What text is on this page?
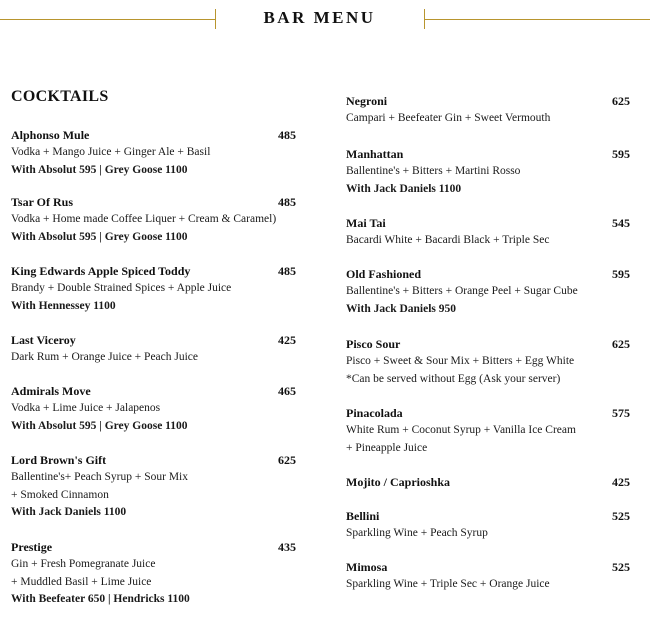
BAR MENU
COCKTAILS
Alphonso Mule	485
Vodka + Mango Juice + Ginger Ale + Basil
With Absolut 595 | Grey Goose 1100
Tsar Of Rus	485
Vodka + Home made Coffee Liquer + Cream & Caramel)
With Absolut 595 | Grey Goose 1100
King Edwards Apple Spiced Toddy	485
Brandy + Double Strained Spices + Apple Juice
With Hennessey 1100
Last Viceroy	425
Dark Rum + Orange Juice + Peach Juice
Admirals Move	465
Vodka + Lime Juice + Jalapenos
With Absolut 595 | Grey Goose 1100
Lord Brown's Gift	625
Ballentine's+ Peach Syrup + Sour Mix
+ Smoked Cinnamon
With Jack Daniels 1100
Prestige	435
Gin + Fresh Pomegranate Juice
+ Muddled Basil + Lime Juice
With Beefeater 650 | Hendricks 1100
Negroni	625
Campari + Beefeater Gin + Sweet Vermouth
Manhattan	595
Ballentine's + Bitters + Martini Rosso
With Jack Daniels 1100
Mai Tai	545
Bacardi White + Bacardi Black + Triple Sec
Old Fashioned	595
Ballentine's + Bitters + Orange Peel + Sugar Cube
With Jack Daniels 950
Pisco Sour	625
Pisco + Sweet & Sour Mix + Bitters + Egg White
*Can be served without Egg (Ask your server)
Pinacolada	575
White Rum + Coconut Syrup + Vanilla Ice Cream
+ Pineapple Juice
Mojito / Caprioshka	425
Bellini	525
Sparkling Wine + Peach Syrup
Mimosa	525
Sparkling Wine + Triple Sec + Orange Juice
